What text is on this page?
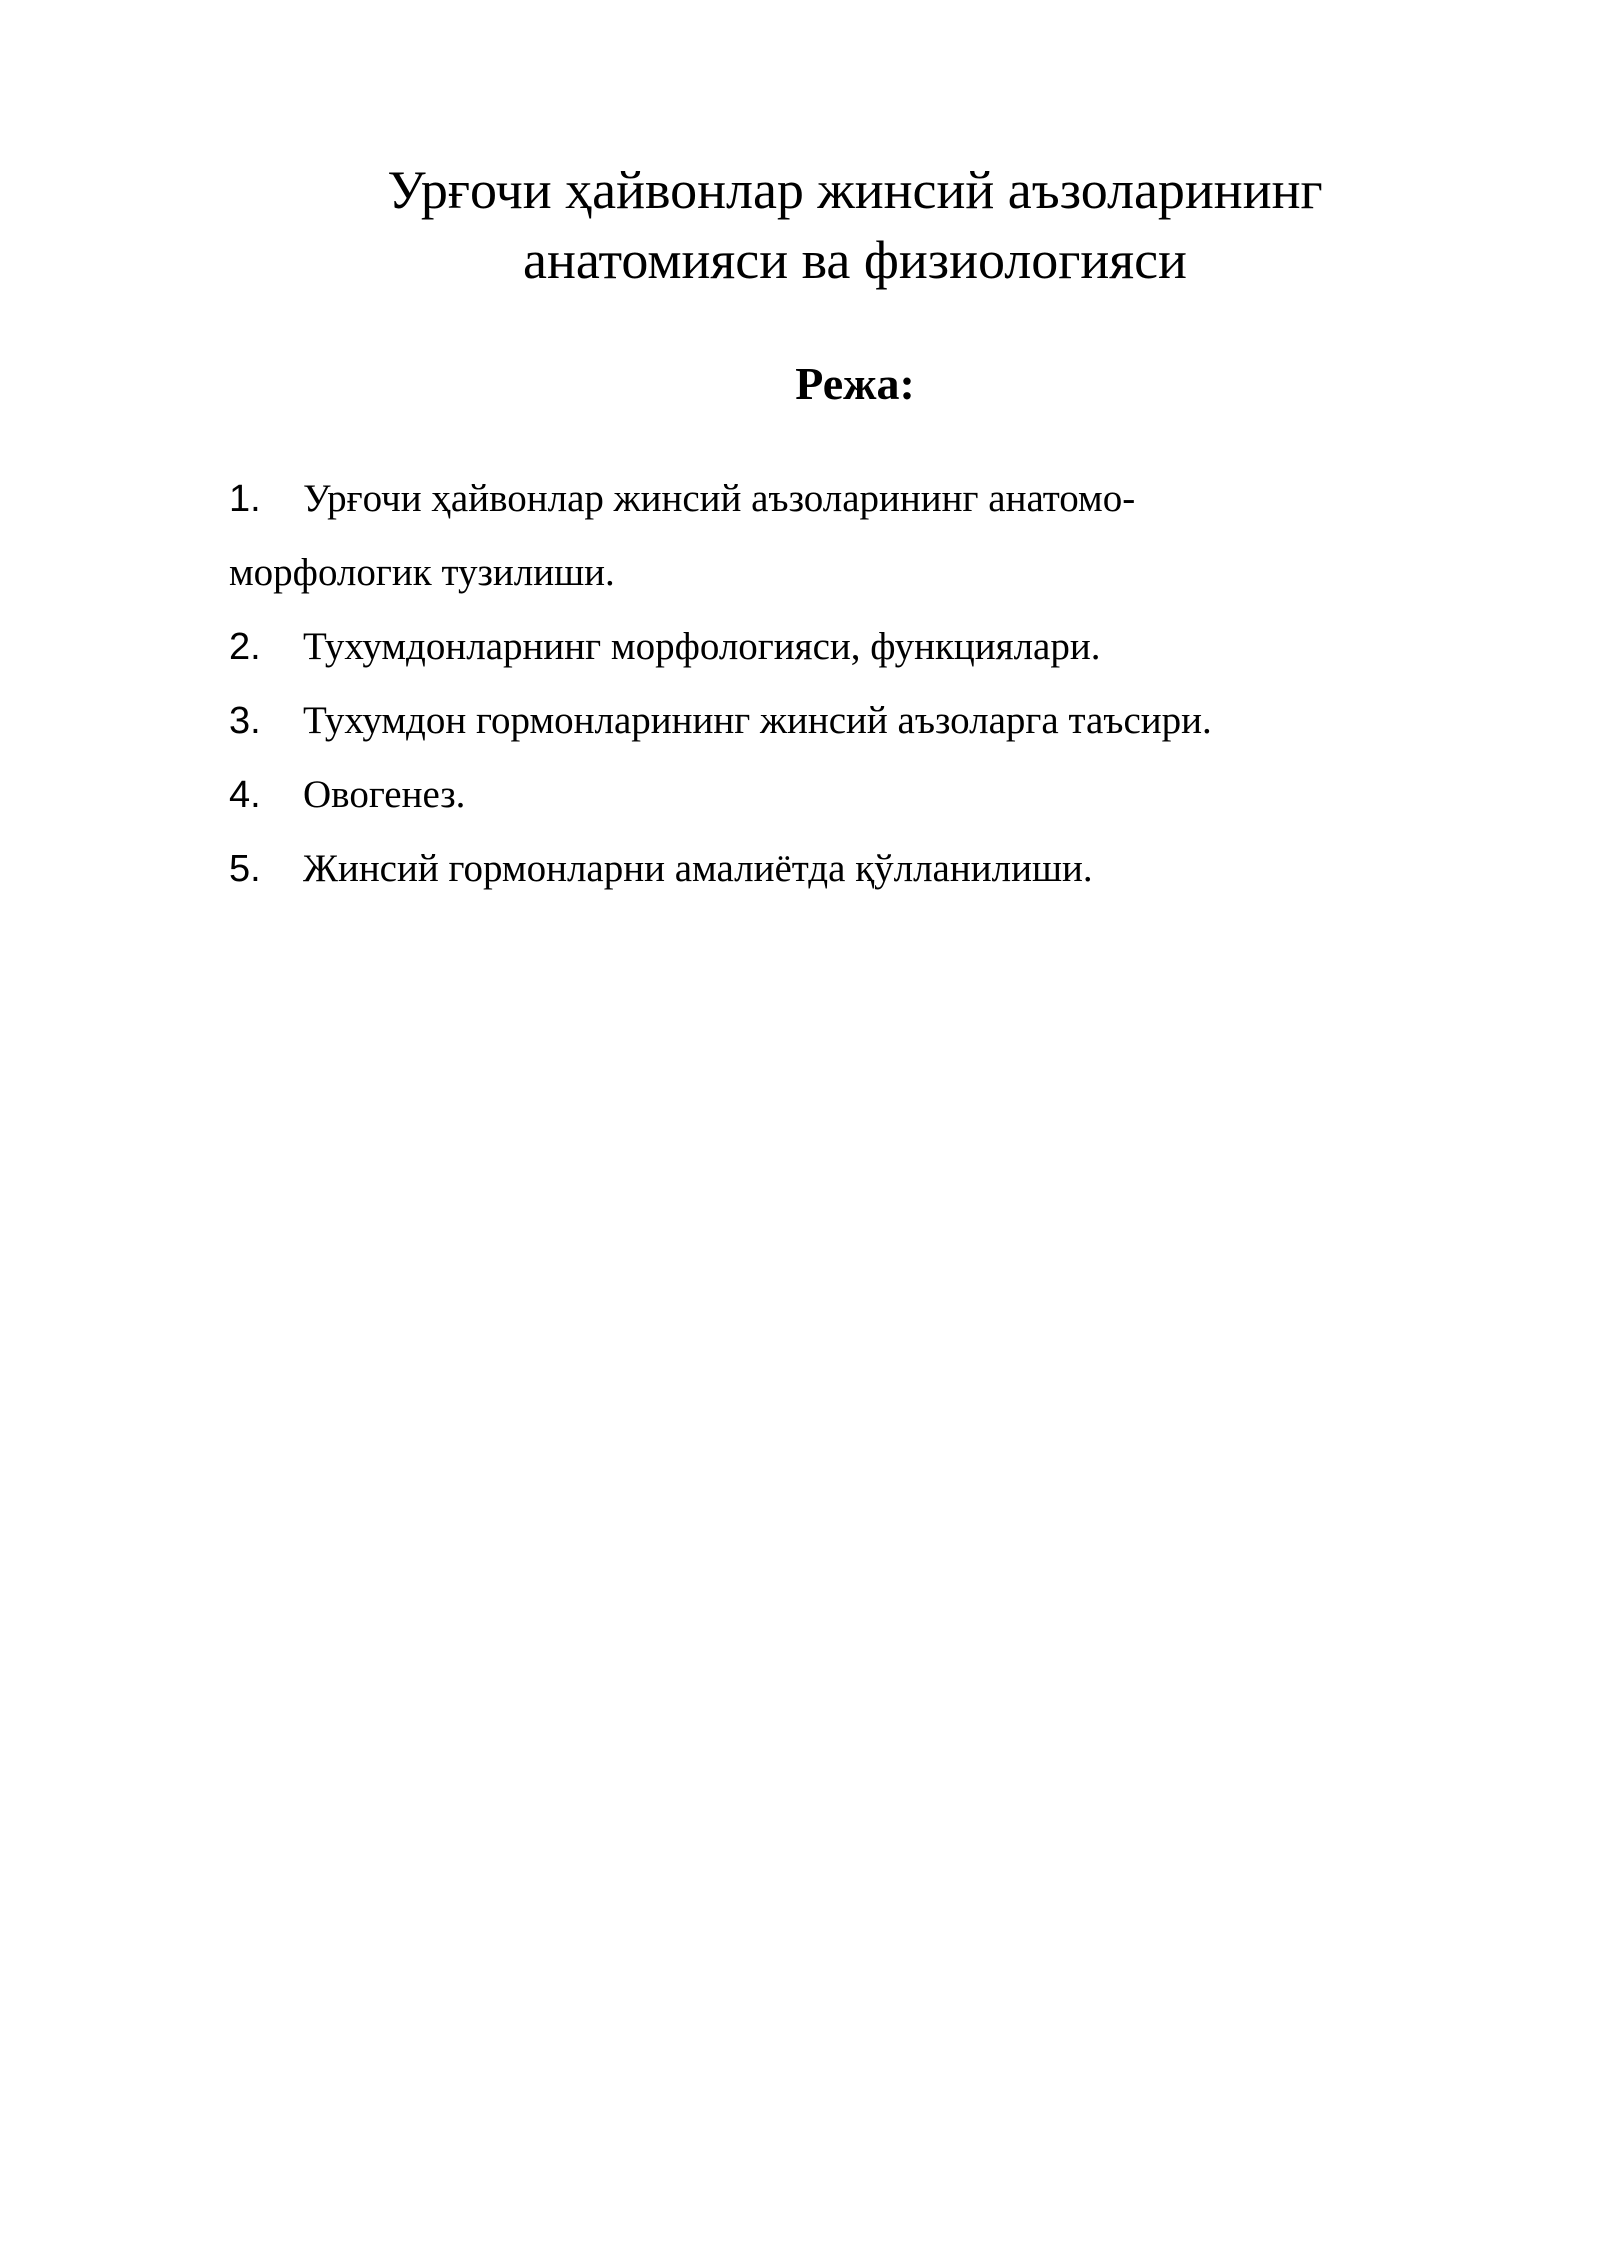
Урғочи ҳайвонлар жинсий аъзоларининг
анатомияси ва физиологияси
Режа:
1. Урғочи ҳайвонлар жинсий аъзоларининг анатомо-
морфологик тузилиши.
2. Тухумдонларнинг морфологияси, функциялари.
3. Тухумдон гормонларининг жинсий аъзоларга таъсири.
4. Овогенез.
5. Жинсий гормонларни амалиётда қўлланилиши.
